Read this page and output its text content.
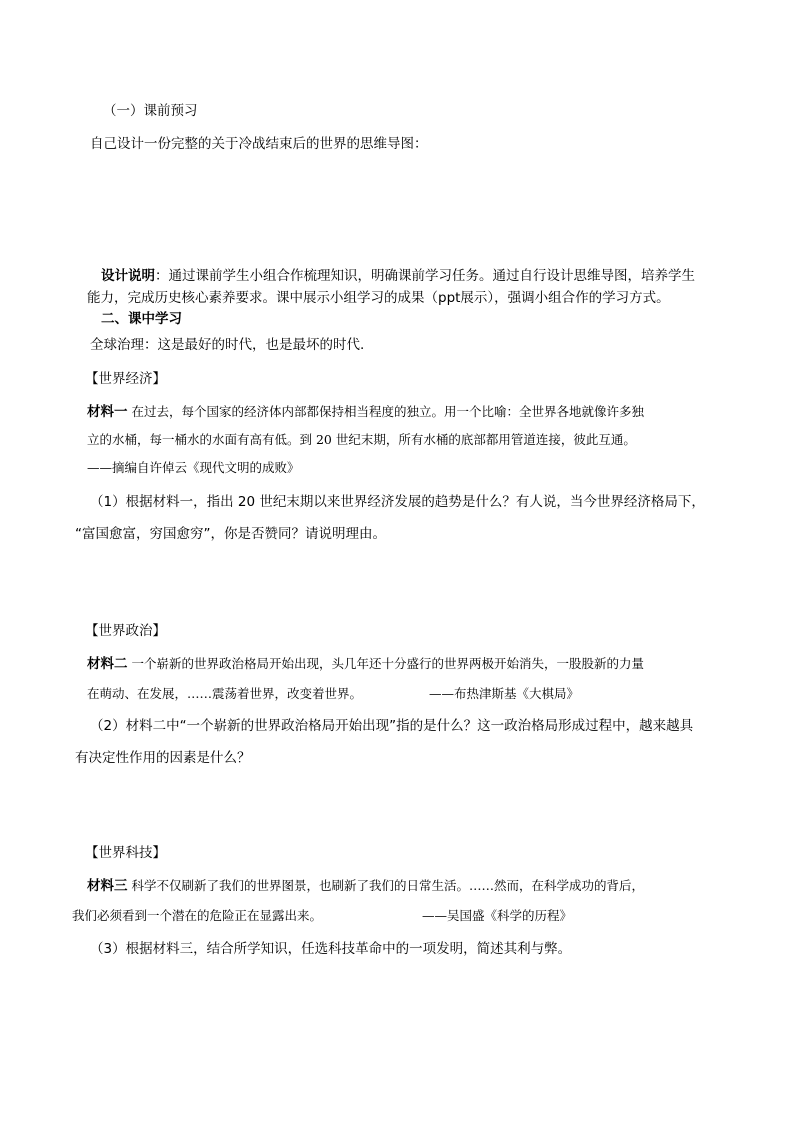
（一）课前预习
自己设计一份完整的关于冷战结束后的世界的思维导图：
设计说明：通过课前学生小组合作梳理知识，明确课前学习任务。通过自行设计思维导图，培养学生
能力，完成历史核心素养要求。课中展示小组学习的成果（ppt展示），强调小组合作的学习方式。
二、课中学习
全球治理：这是最好的时代，也是最坏的时代.
【世界经济】
材料一 在过去，每个国家的经济体内部都保持相当程度的独立。用一个比喻：全世界各地就像许多独
立的水桶，每一桶水的水面有高有低。到 20 世纪末期，所有水桶的底部都用管道连接，彼此互通。
——摘编自许倬云《现代文明的成败》
（1）根据材料一，指出 20 世纪末期以来世界经济发展的趋势是什么？有人说，当今世界经济格局下，
“富国愈富，穷国愈穷”，你是否赞同？请说明理由。
【世界政治】
材料二 一个崭新的世界政治格局开始出现，头几年还十分盛行的世界两极开始消失，一股股新的力量
在萌动、在发展，……震荡着世界，改变着世界。	——布热津斯基《大棋局》
（2）材料二中“一个崭新的世界政治格局开始出现”指的是什么？这一政治格局形成过程中，越来越具
有决定性作用的因素是什么？
【世界科技】
材料三 科学不仅刷新了我们的世界图景，也刷新了我们的日常生活。……然而，在科学成功的背后，
我们必须看到一个潜在的危险正在显露出来。	——吴国盛《科学的历程》
（3）根据材料三，结合所学知识，任选科技革命中的一项发明，简述其利与弊。
